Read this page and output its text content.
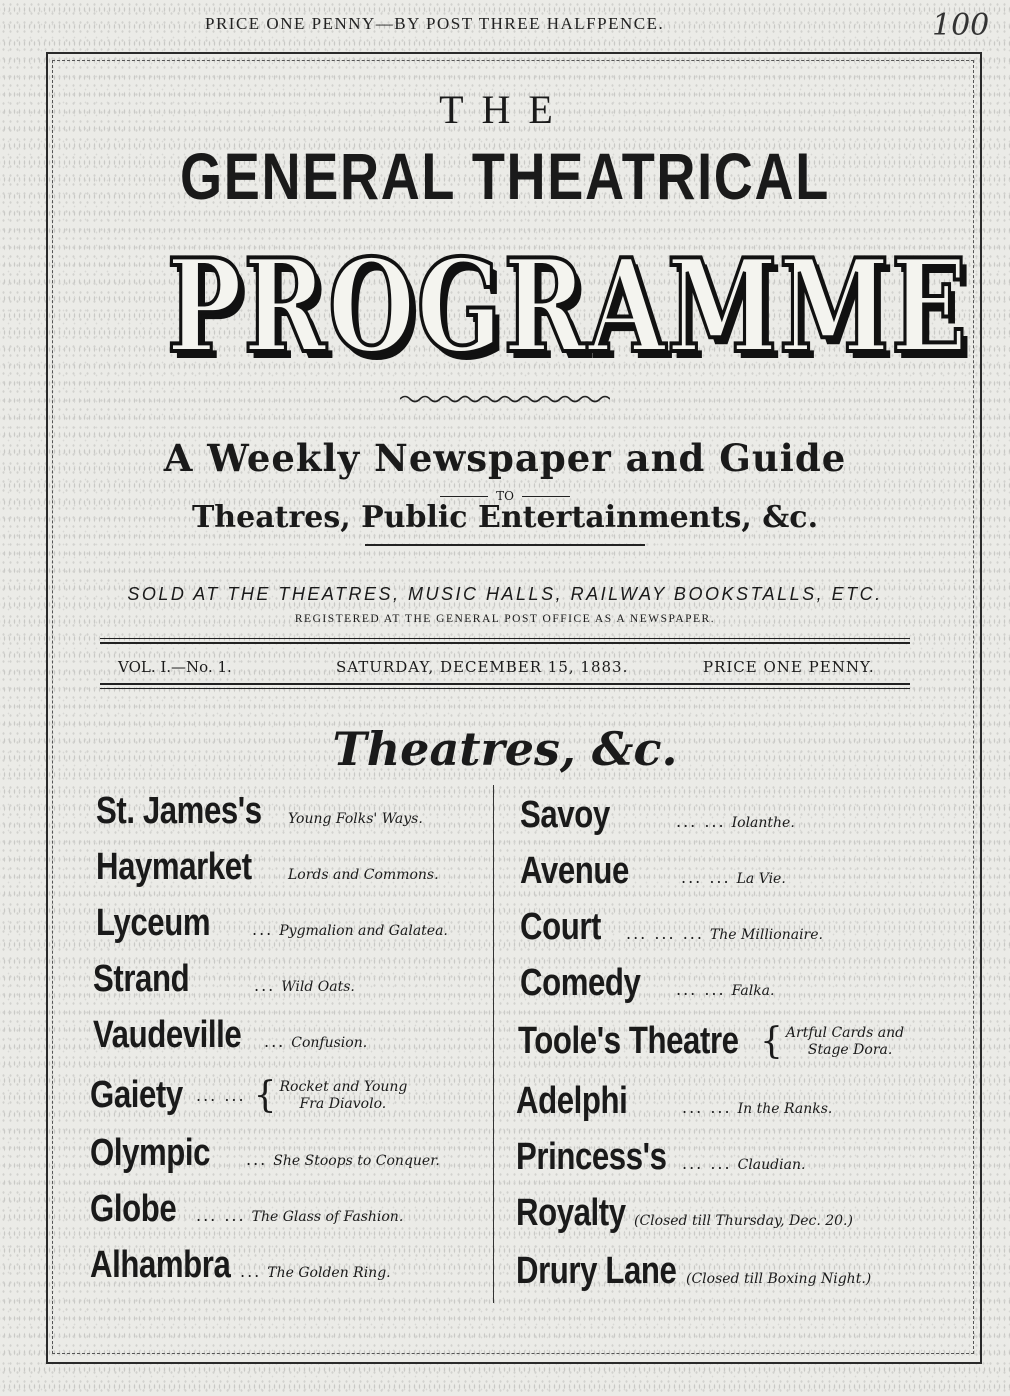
PRICE ONE PENNY—BY POST THREE HALFPENCE.	100
THE
GENERAL THEATRICAL
PROGRAMME
A Weekly Newspaper and Guide
TO
Theatres, Public Entertainments, &c.
SOLD AT THE THEATRES, MUSIC HALLS, RAILWAY BOOKSTALLS, ETC.
REGISTERED AT THE GENERAL POST OFFICE AS A NEWSPAPER.
VOL. I.—No. 1.	SATURDAY, DECEMBER 15, 1883.	PRICE ONE PENNY.
Theatres, &c.
St. James's Young Folks' Ways.
Haymarket	Lords and Commons.
Lyceum	... Pygmalion and Galatea.
Strand	... Wild Oats.
Vaudeville ... Confusion.
Gaiety ... ... { Rocket and Young
Fra Diavolo.
Olympic ... She Stoops to Conquer.
Globe ... ... The Glass of Fashion.
Alhambra ... The Golden Ring.
Savoy	... ... Iolanthe.
Avenue	... ... La Vie.
Court ... ... ... The Millionaire.
Comedy ... ... Falka.
Toole's Theatre { Artful Cards and
Stage Dora.
Adelphi	... ... In the Ranks.
Princess's ... ... Claudian.
Royalty (Closed till Thursday, Dec. 20.)
Drury Lane (Closed till Boxing Night.)
